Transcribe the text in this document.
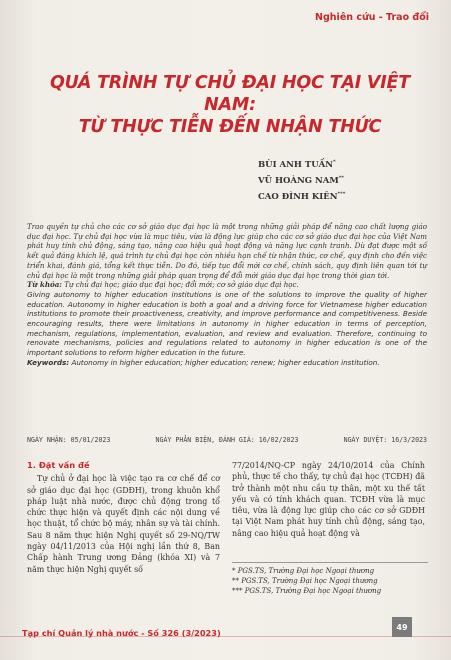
Nghiên cứu - Trao đổi
QUÁ TRÌNH TỰ CHỦ ĐẠI HỌC TẠI VIỆT NAM:
TỪ THỰC TIỄN ĐẾN NHẬN THỨC
BÙI ANH TUẤN*
VŨ HOÀNG NAM**
CAO ĐÌNH KIÊN***

Trao quyền tự chủ cho các cơ sở giáo dục đại học là một trong những giải pháp để nâng cao chất lượng giáo dục đại học. Tự chủ đại học vừa là mục tiêu, vừa là động lực giúp cho các cơ sở giáo dục đại học của Việt Nam phát huy tính chủ động, sáng tạo, nâng cao hiệu quả hoạt động và năng lực cạnh tranh. Dù đạt được một số kết quả đáng khích lệ, quá trình tự chủ đại học còn nhiều hạn chế từ nhận thức, cơ chế, quy định cho đến việc triển khai, đánh giá, tổng kết thực tiễn. Do đó, tiếp tục đổi mới cơ chế, chính sách, quy định liên quan tới tự chủ đại học là một trong những giải pháp quan trọng để đổi mới giáo dục đại học trong thời gian tới.

Từ khóa: Tự chủ đại học; giáo dục đại học; đổi mới; cơ sở giáo dục đại học.

Giving autonomy to higher education institutions is one of the solutions to improve the quality of higher education. Autonomy in higher education is both a goal and a driving force for Vietnamese higher education institutions to promote their proactiveness, creativity, and improve performance and competitiveness. Beside encouraging results, there were limitations in autonomy in higher education in terms of perception, mechanism, regulations, implementation, evaluation, and review and evaluation. Therefore, continuing to renovate mechanisms, policies and regulations related to autonomy in higher education is one of the important solutions to reform higher education in the future.

Keywords: Autonomy in higher education; higher education; renew; higher education institution.

NGÀY NHẬN: 05/01/2023	NGÀY PHẢN BIỆN, ĐÁNH GIÁ: 16/02/2023	NGÀY DUYỆT: 16/3/2023
1. Đặt vấn đề

Tự chủ ở đại học là việc tạo ra cơ chế để cơ sở giáo dục đại học (GDĐH), trong khuôn khổ pháp luật nhà nước, được chủ động trong tổ chức thực hiện và quyết định các nội dung về học thuật, tổ chức bộ máy, nhân sự và tài chính. Sau 8 năm thực hiện Nghị quyết số 29-NQ/TW ngày 04/11/2013 của Hội nghị lần thứ 8, Ban Chấp hành Trung ương Đảng (khóa XI) và 7 năm thực hiện Nghị quyết số

77/2014/NQ-CP ngày 24/10/2014 của Chính phủ, thực tế cho thấy, tự chủ đại học (TCĐH) đã trở thành một nhu cầu tự thân, một xu thế tất yếu và có tính khách quan. TCĐH vừa là mục tiêu, vừa là động lực giúp cho các cơ sở GDĐH tại Việt Nam phát huy tính chủ động, sáng tạo, nâng cao hiệu quả hoạt động và

* PGS.TS, Trường Đại học Ngoại thương
** PGS.TS, Trường Đại học Ngoại thương
*** PGS.TS, Trường Đại học Ngoại thương
Tạp chí Quản lý nhà nước - Số 326 (3/2023)
49
